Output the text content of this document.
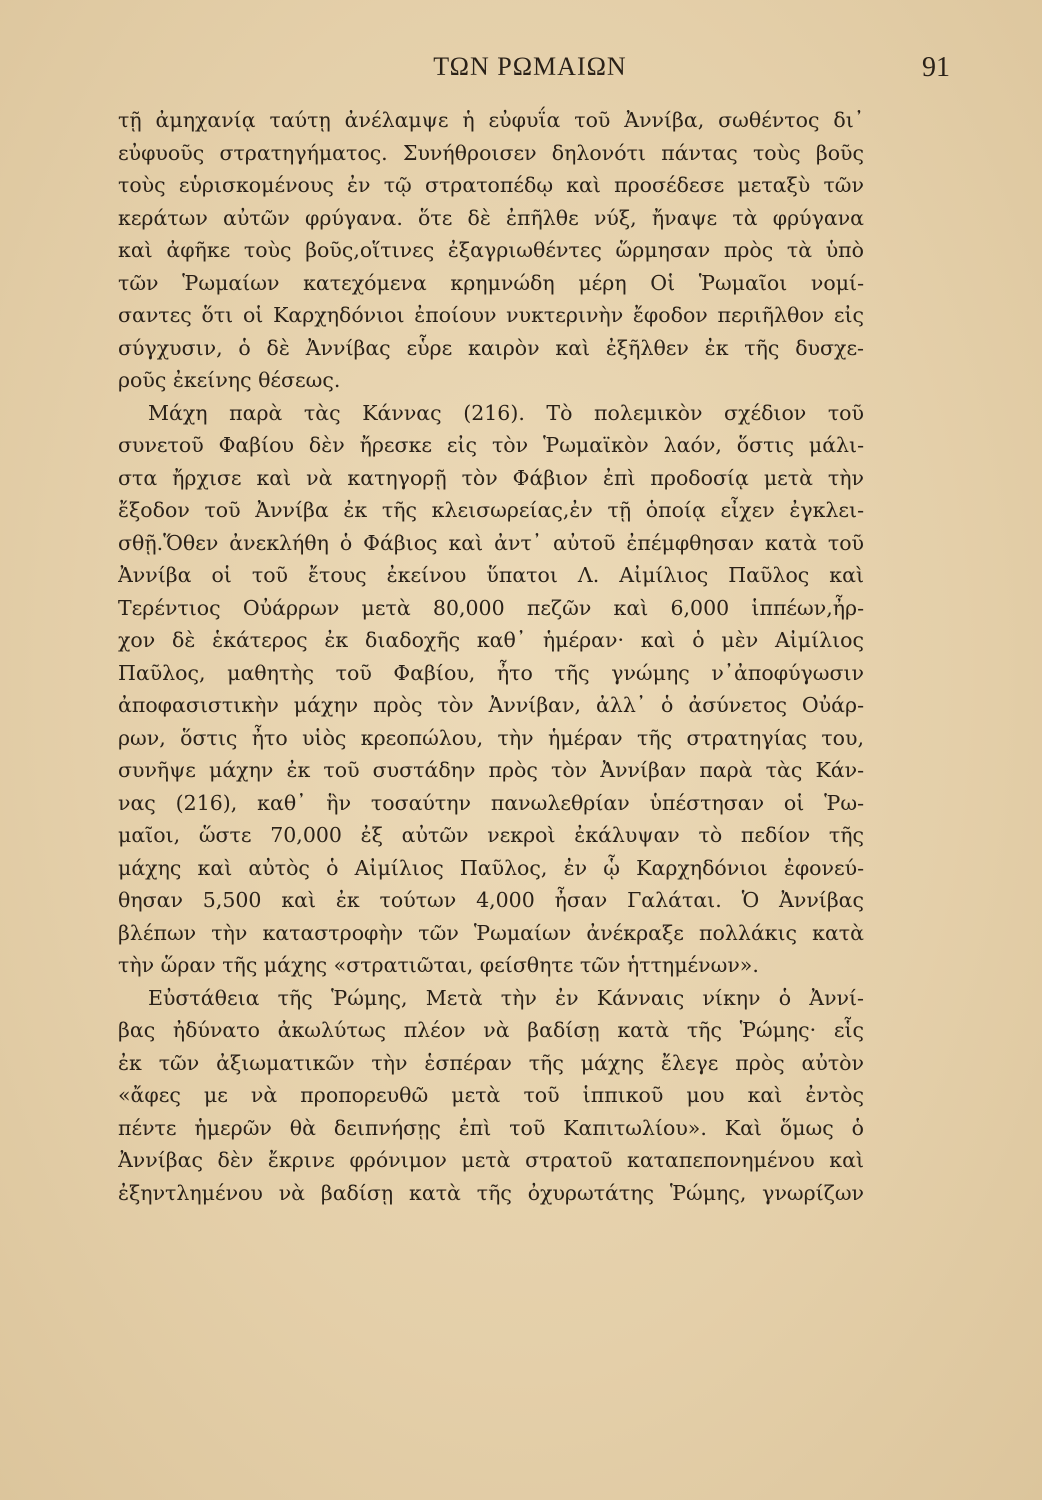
ΤΩΝ ΡΩΜΑΙΩΝ	91
τῇ ἀμηχανίᾳ ταύτῃ ἀνέλαμψε ἡ εὐφυΐα τοῦ Ἀννίβα, σωθέντος δι᾽
εὐφυοῦς στρατηγήματος. Συνήθροισεν δηλονότι πάντας τοὺς βοῦς
τοὺς εὑρισκομένους ἐν τῷ στρατοπέδῳ καὶ προσέδεσε μεταξὺ τῶν
κεράτων αὐτῶν φρύγανα. ὅτε δὲ ἐπῆλθε νύξ, ἤναψε τὰ φρύγανα
καὶ ἀφῆκε τοὺς βοῦς,οἵτινες ἐξαγριωθέντες ὥρμησαν πρὸς τὰ ὑπὸ
τῶν Ῥωμαίων κατεχόμενα κρημνώδη μέρη Οἱ Ῥωμαῖοι νομί-
σαντες ὅτι οἱ Καρχηδόνιοι ἐποίουν νυκτερινὴν ἔφοδον περιῆλθον εἰς
σύγχυσιν, ὁ δὲ Ἀννίβας εὗρε καιρὸν καὶ ἐξῆλθεν ἐκ τῆς δυσχε-
ροῦς ἐκείνης θέσεως.
Μάχη παρὰ τὰς Κάννας (216). Τὸ πολεμικὸν σχέδιον τοῦ
συνετοῦ Φαβίου δὲν ἤρεσκε εἰς τὸν Ῥωμαϊκὸν λαόν, ὅστις μάλι-
στα ἤρχισε καὶ νὰ κατηγορῇ τὸν Φάβιον ἐπὶ προδοσίᾳ μετὰ τὴν
ἔξοδον τοῦ Ἀννίβα ἐκ τῆς κλεισωρείας,ἐν τῇ ὁποίᾳ εἶχεν ἐγκλει-
σθῇ.Ὅθεν ἀνεκλήθη ὁ Φάβιος καὶ ἀντ᾽ αὐτοῦ ἐπέμφθησαν κατὰ τοῦ
Ἀννίβα οἱ τοῦ ἔτους ἐκείνου ὕπατοι Λ. Αἰμίλιος Παῦλος καὶ
Τερέντιος Οὐάρρων μετὰ 80,000 πεζῶν καὶ 6,000 ἱππέων,ἦρ-
χον δὲ ἑκάτερος ἐκ διαδοχῆς καθ᾽ ἡμέραν· καὶ ὁ μὲν Αἰμίλιος
Παῦλος, μαθητὴς τοῦ Φαβίου, ἦτο τῆς γνώμης ν᾽ἀποφύγωσιν
ἀποφασιστικὴν μάχην πρὸς τὸν Ἀννίβαν, ἀλλ᾽ ὁ ἀσύνετος Οὐάρ-
ρων, ὅστις ἦτο υἱὸς κρεοπώλου, τὴν ἡμέραν τῆς στρατηγίας του,
συνῆψε μάχην ἐκ τοῦ συστάδην πρὸς τὸν Ἀννίβαν παρὰ τὰς Κάν-
νας (216), καθ᾽ ἣν τοσαύτην πανωλεθρίαν ὑπέστησαν οἱ Ῥω-
μαῖοι, ὥστε 70,000 ἐξ αὐτῶν νεκροὶ ἐκάλυψαν τὸ πεδίον τῆς
μάχης καὶ αὐτὸς ὁ Αἰμίλιος Παῦλος, ἐν ᾧ Καρχηδόνιοι ἐφονεύ-
θησαν 5,500 καὶ ἐκ τούτων 4,000 ἦσαν Γαλάται. Ὁ Ἀννίβας
βλέπων τὴν καταστροφὴν τῶν Ῥωμαίων ἀνέκραξε πολλάκις κατὰ
τὴν ὥραν τῆς μάχης «στρατιῶται, φείσθητε τῶν ἡττημένων».
Εὐστάθεια τῆς Ῥώμης, Μετὰ τὴν ἐν Κάνναις νίκην ὁ Ἀννί-
βας ἠδύνατο ἀκωλύτως πλέον νὰ βαδίσῃ κατὰ τῆς Ῥώμης· εἷς
ἐκ τῶν ἀξιωματικῶν τὴν ἑσπέραν τῆς μάχης ἔλεγε πρὸς αὐτὸν
«ἄφες με νὰ προπορευθῶ μετὰ τοῦ ἱππικοῦ μου καὶ ἐντὸς
πέντε ἡμερῶν θὰ δειπνήσῃς ἐπὶ τοῦ Καπιτωλίου». Καὶ ὅμως ὁ
Ἀννίβας δὲν ἔκρινε φρόνιμον μετὰ στρατοῦ καταπεπονημένου καὶ
ἐξηντλημένου νὰ βαδίσῃ κατὰ τῆς ὀχυρωτάτης Ῥώμης, γνωρίζων
